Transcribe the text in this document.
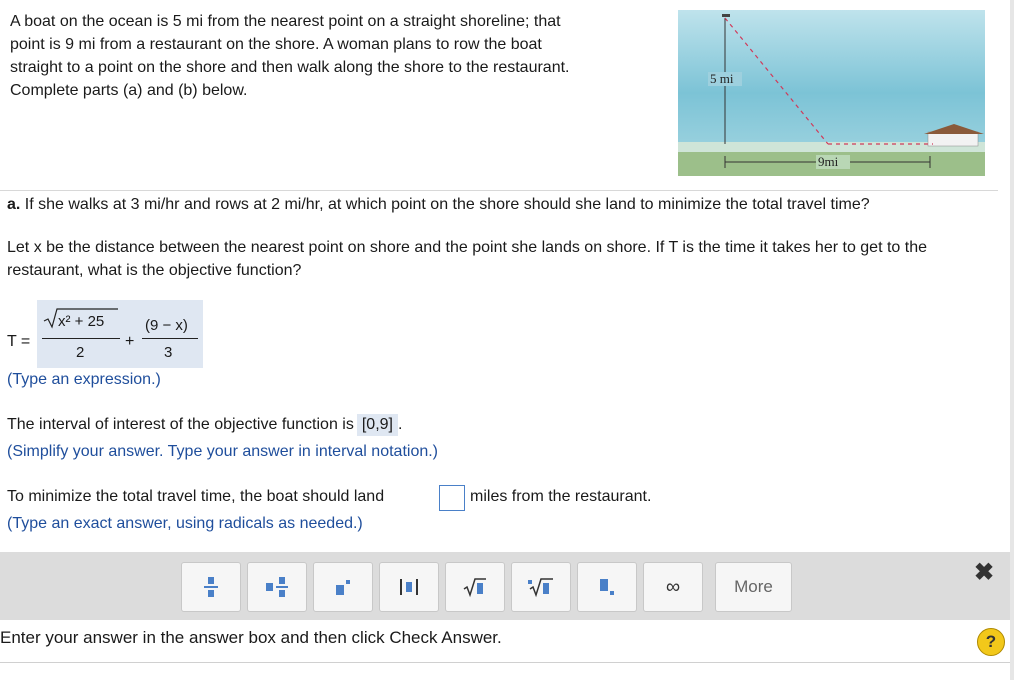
A boat on the ocean is 5 mi from the nearest point on a straight shoreline; that
point is 9 mi from a restaurant on the shore. A woman plans to row the boat
straight to a point on the shore and then walk along the shore to the restaurant.
Complete parts (a) and (b) below.
5 mi
9mi
a. If she walks at 3 mi/hr and rows at 2 mi/hr, at which point on the shore should she land to minimize the total travel time?
Let x be the distance between the nearest point on shore and the point she lands on shore. If T is the time it takes her to get to the restaurant, what is the objective function?
T =
x² + 25
2
+
(9 − x)
3
(Type an expression.)
The interval of interest of the objective function is [0,9] .
(Simplify your answer. Type your answer in interval notation.)
To minimize the total travel time, the boat should land	miles from the restaurant.
(Type an exact answer, using radicals as needed.)
∞	More
✖
Enter your answer in the answer box and then click Check Answer.	?
